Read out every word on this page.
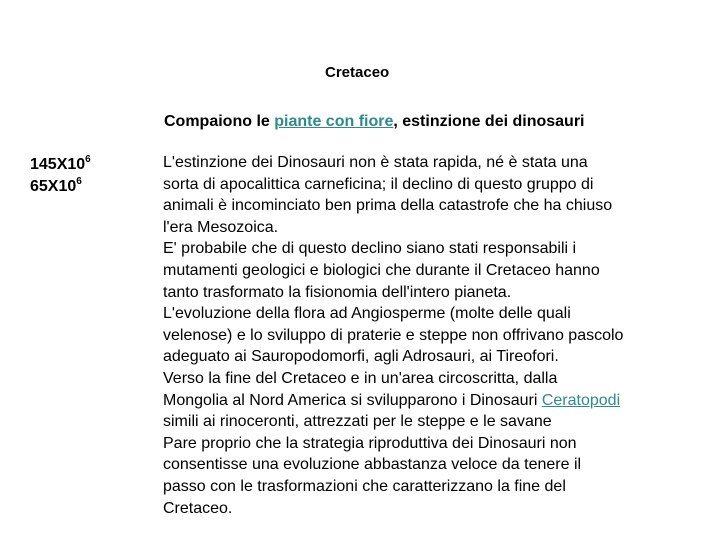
Cretaceo
Compaiono le piante con fiore, estinzione dei dinosauri
$145X10^6$
$65X10^6$

L'estinzione dei Dinosauri non è stata rapida, né è stata una

sorta di apocalittica carneficina; il declino di questo gruppo di

animali è incominciato ben prima della catastrofe che ha chiuso

l'era Mesozoica.

E' probabile che di questo declino siano stati responsabili i

mutamenti geologici e biologici che durante il Cretaceo hanno

tanto trasformato la fisionomia dell'intero pianeta.

L'evoluzione della flora ad Angiosperme (molte delle quali

velenose) e lo sviluppo di praterie e steppe non offrivano pascolo

adeguato ai Sauropodomorfi, agli Adrosauri, ai Tireofori.

Verso la fine del Cretaceo e in un'area circoscritta, dalla

Mongolia al Nord America si svilupparono i Dinosauri Ceratopodi

simili ai rinoceronti, attrezzati per le steppe e le savane

Pare proprio che la strategia riproduttiva dei Dinosauri non

consentisse una evoluzione abbastanza veloce da tenere il

passo con le trasformazioni che caratterizzano la fine del

Cretaceo.
